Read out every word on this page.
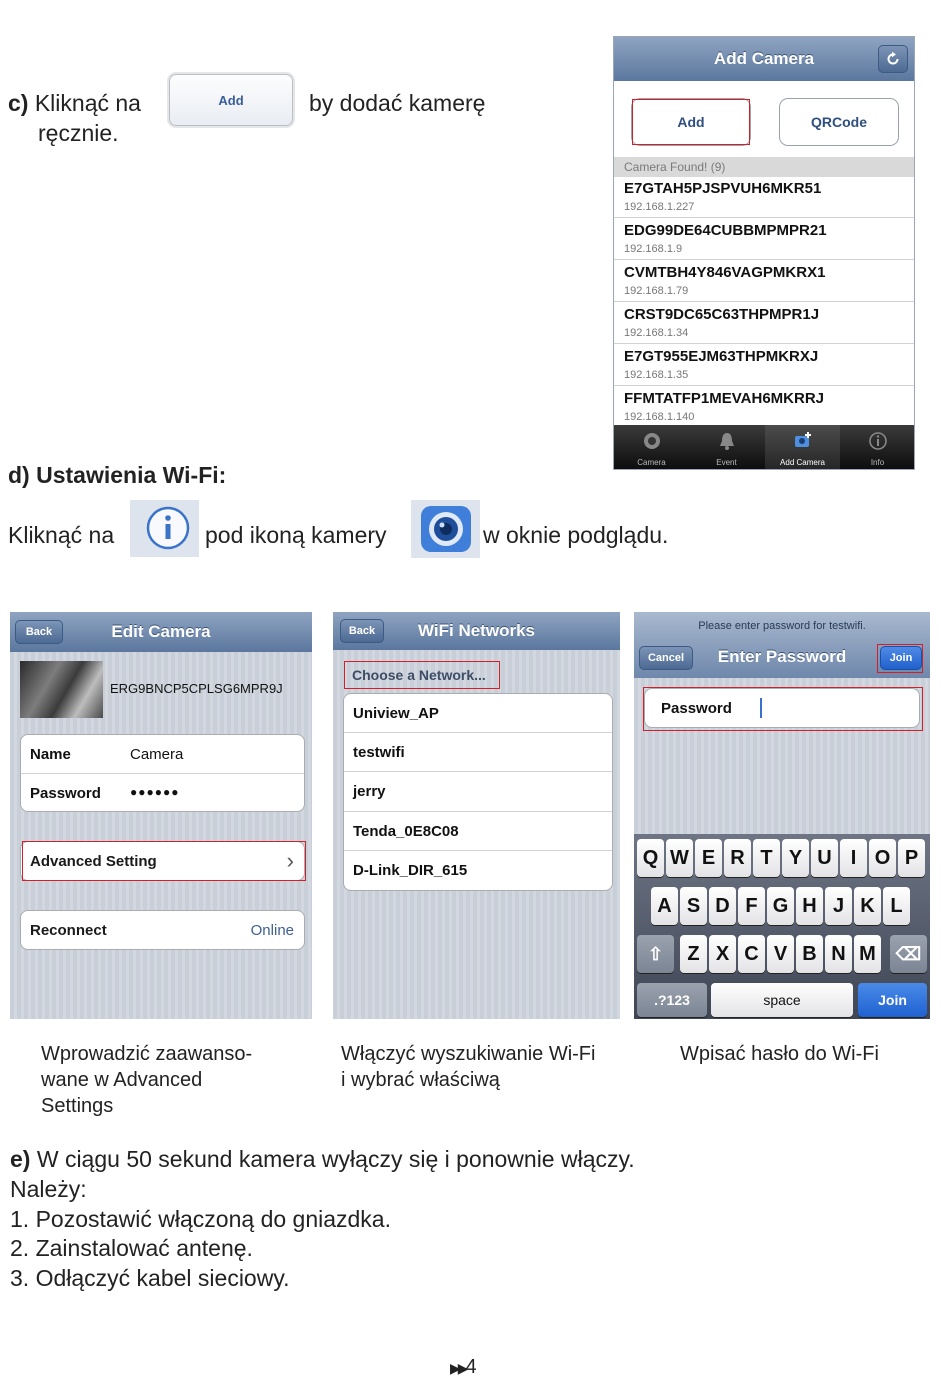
c) Kliknąć na	Add	by dodać kamerę
ręcznie.
Add Camera
Add	QRCode
Camera Found! (9)
E7GTAH5PJSPVUH6MKR51
192.168.1.227
EDG99DE64CUBBMPMPR21
192.168.1.9
CVMTBH4Y846VAGPMKRX1
192.168.1.79
CRST9DC65C63THPMPR1J
192.168.1.34
E7GT955EJM63THPMKRXJ
192.168.1.35
FFMTATFP1MEVAH6MKRRJ
192.168.1.140
Camera	Event	Add Camera	Info
d) Ustawienia Wi-Fi:
Kliknąć na	pod ikoną kamery	w oknie podglądu.
Edit Camera
Back
ERG9BNCP5CPLSG6MPR9J
Name	Camera
Password ●●●●●●
Advanced Setting	›
Reconnect	Online
WiFi Networks
Back
Choose a Network...
Uniview_AP
testwifi
jerry
Tenda_0E8C08
D-Link_DIR_615
Please enter password for testwifi.
Enter Password
Cancel	Join
Password
Q W E R T Y U I O P
A S D F G H J K L
⇧	Z X C V B N M	⌫
.?123	space	Join
Wprowadzić zaawanso-
wane w Advanced
Settings
Włączyć wyszukiwanie Wi-Fi
i wybrać właściwą
Wpisać hasło do Wi-Fi
e) W ciągu 50 sekund kamera wyłączy się i ponownie włączy.
Należy:
1. Pozostawić włączoną do gniazdka.
2. Zainstalować antenę.
3. Odłączyć kabel sieciowy.
▶▶4
